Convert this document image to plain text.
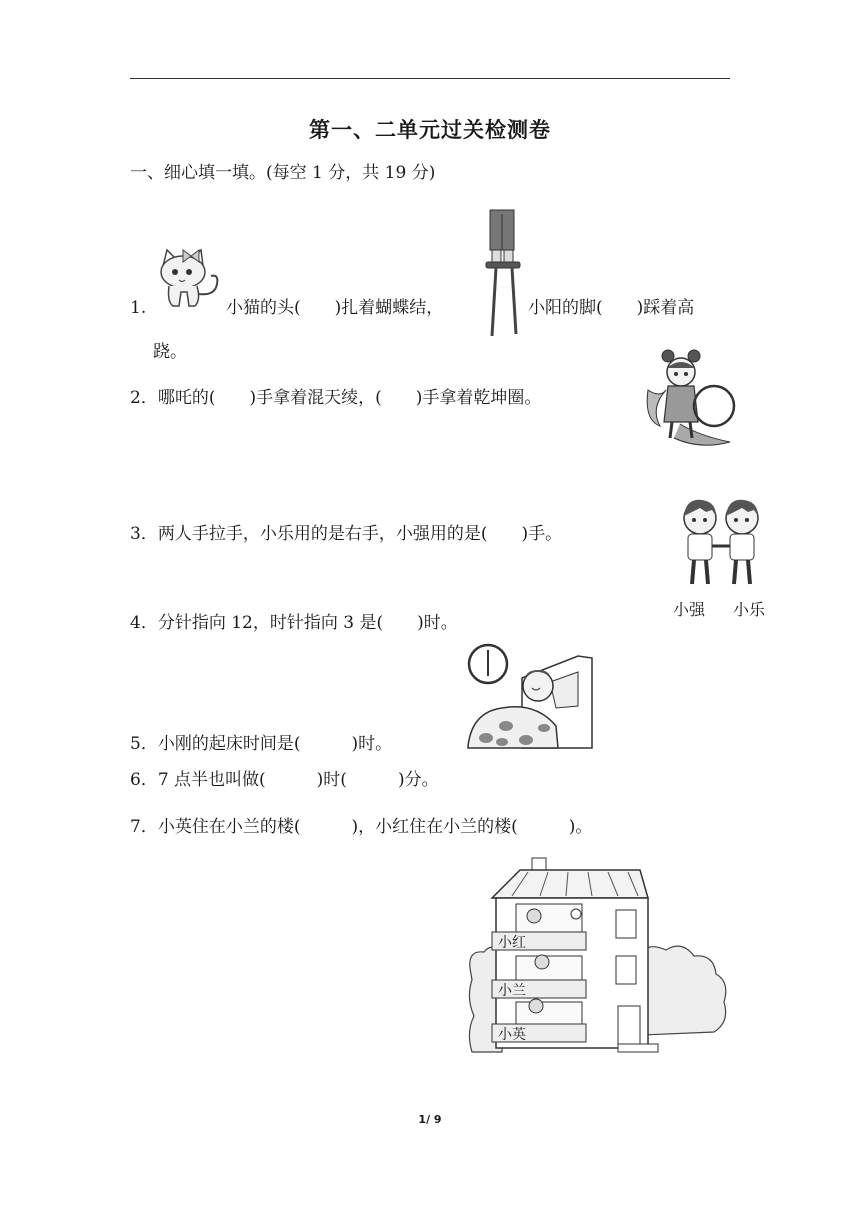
第一、二单元过关检测卷
一、细心填一填。(每空 1 分，共 19 分)
1.	小猫的头(　　)扎着蝴蝶结，	小阳的脚(　　)踩着高
跷。
2．哪吒的(　　)手拿着混天绫，(　　)手拿着乾坤圈。
3．两人手拉手，小乐用的是右手，小强用的是(　　)手。
小强 小乐
4．分针指向 12，时针指向 3 是(　　)时。
5．小刚的起床时间是(　　　)时。
6．7 点半也叫做(　　　)时(　　　)分。
7．小英住在小兰的楼(　　　)，小红住在小兰的楼(　　　)。
小红
小兰
小英
1/ 9
